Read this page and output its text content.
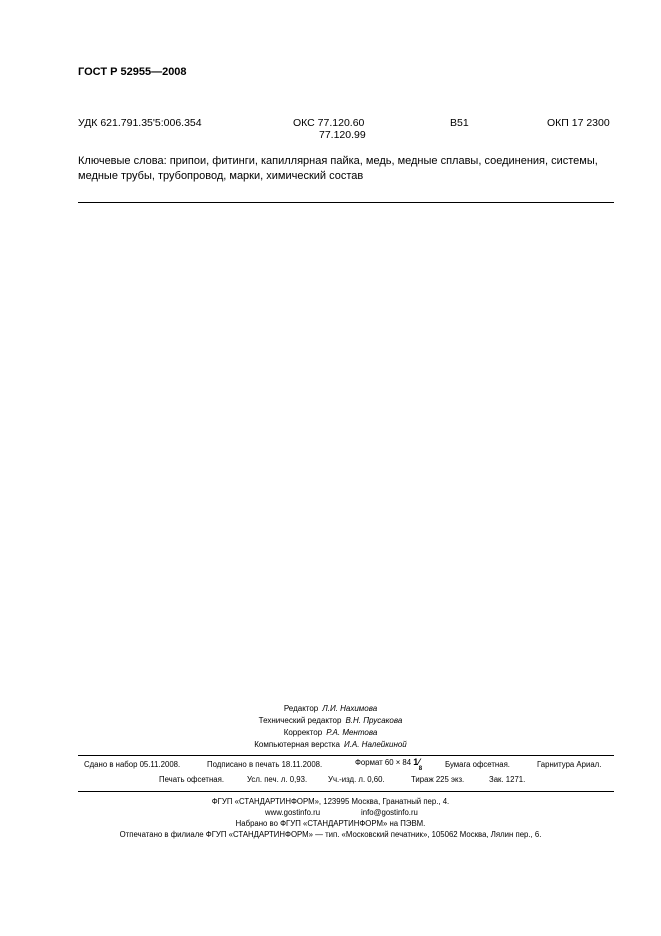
ГОСТ Р 52955—2008
УДК 621.791.35'5:006.354	ОКС 77.120.60
77.120.99
В51	ОКП 17 2300
Ключевые слова: припои, фитинги, капиллярная пайка, медь, медные сплавы, соединения, системы, медные трубы, трубопровод, марки, химический состав
Редактор Л.И. Нахимова
Технический редактор В.Н. Прусакова
Корректор Р.А. Ментова
Компьютерная верстка И.А. Налейкиной
Сдано в набор 05.11.2008.	Подписано в печать 18.11.2008.	Формат 60 × 84 $1⁄_8$	Бумага офсетная.	Гарнитура Ариал.
Печать офсетная.	Усл. печ. л. 0,93.	Уч.-изд. л. 0,60.	Тираж 225 экз.	Зак. 1271.
ФГУП «СТАНДАРТИНФОРМ», 123995 Москва, Гранатный пер., 4.
www.gostinfo.ru	info@gostinfo.ru
Набрано во ФГУП «СТАНДАРТИНФОРМ» на ПЭВМ.
Отпечатано в филиале ФГУП «СТАНДАРТИНФОРМ» — тип. «Московский печатник», 105062 Москва, Лялин пер., 6.
